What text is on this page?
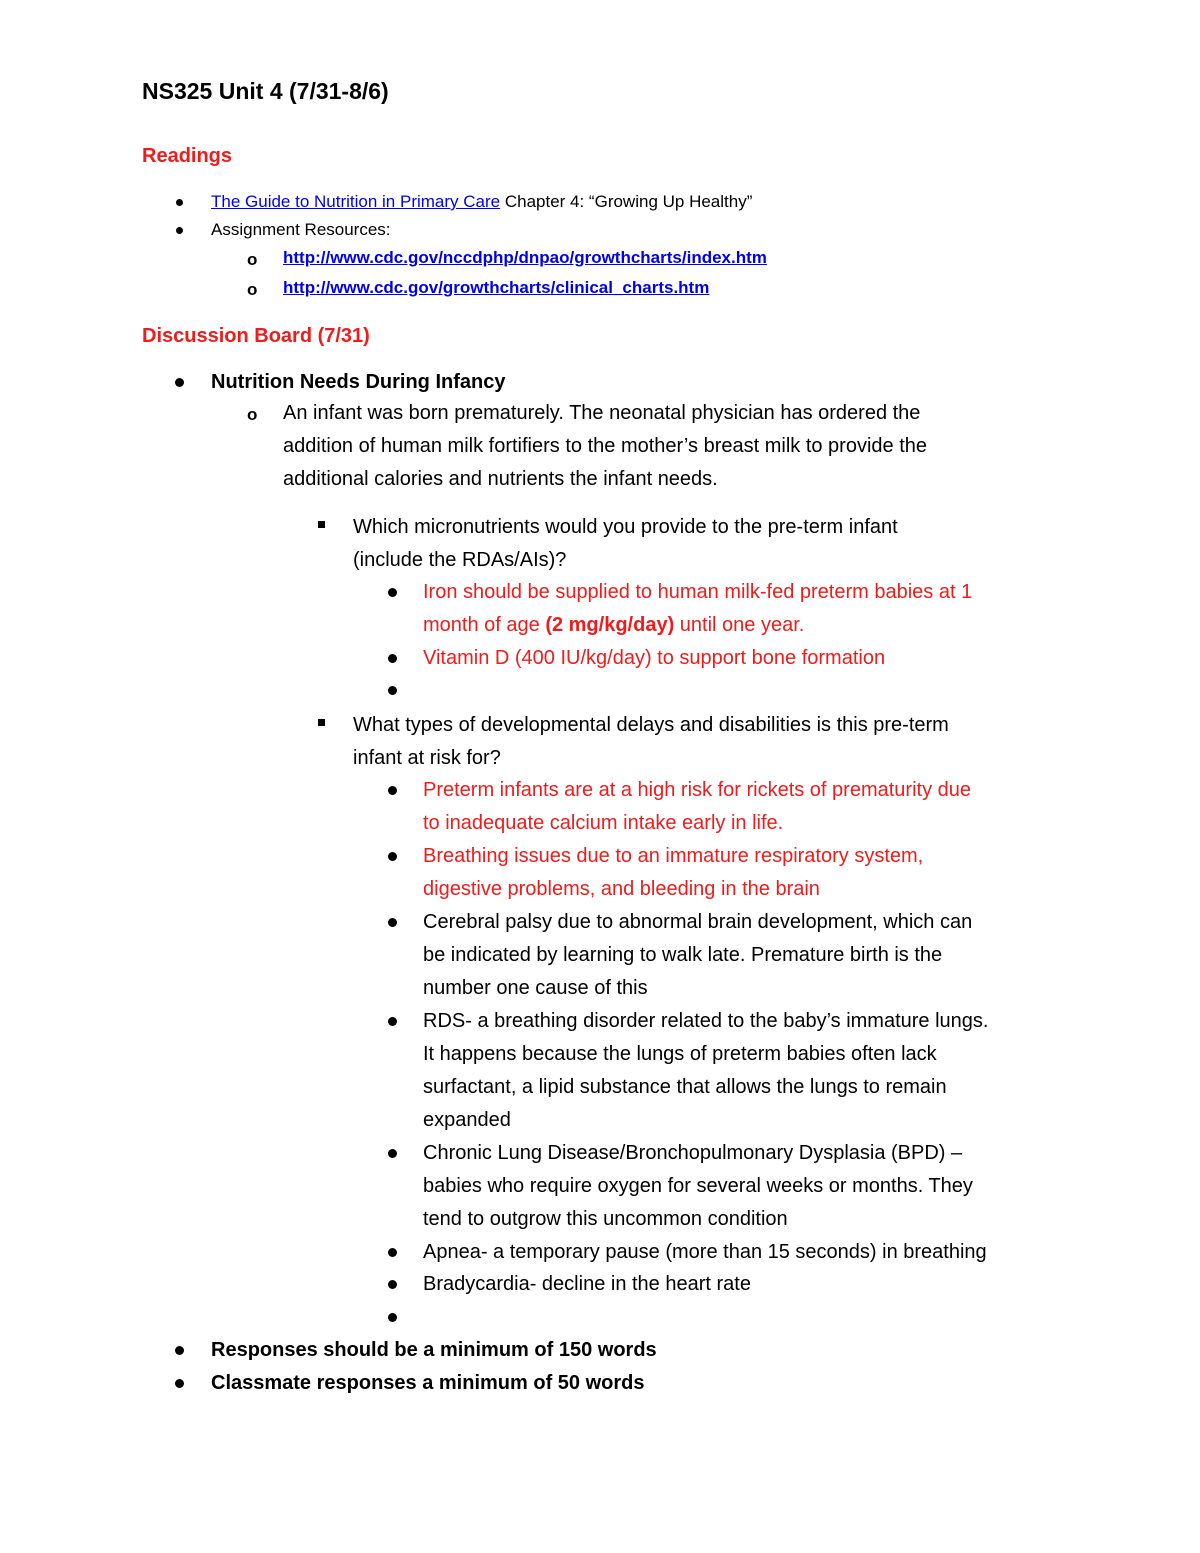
NS325 Unit 4 (7/31-8/6)
Readings
The Guide to Nutrition in Primary Care Chapter 4: “Growing Up Healthy”
Assignment Resources:
o http://www.cdc.gov/nccdphp/dnpao/growthcharts/index.htm
o http://www.cdc.gov/growthcharts/clinical_charts.htm
Discussion Board (7/31)
Nutrition Needs During Infancy
o An infant was born prematurely. The neonatal physician has ordered the
addition of human milk fortifiers to the mother’s breast milk to provide the
additional calories and nutrients the infant needs.
Which micronutrients would you provide to the pre-term infant
(include the RDAs/AIs)?
Iron should be supplied to human milk-fed preterm babies at 1
month of age (2 mg/kg/day) until one year.
Vitamin D (400 IU/kg/day) to support bone formation
What types of developmental delays and disabilities is this pre-term
infant at risk for?
Preterm infants are at a high risk for rickets of prematurity due
to inadequate calcium intake early in life.
Breathing issues due to an immature respiratory system,
digestive problems, and bleeding in the brain
Cerebral palsy due to abnormal brain development, which can
be indicated by learning to walk late. Premature birth is the
number one cause of this
RDS- a breathing disorder related to the baby’s immature lungs.
It happens because the lungs of preterm babies often lack
surfactant, a lipid substance that allows the lungs to remain
expanded
Chronic Lung Disease/Bronchopulmonary Dysplasia (BPD) –
babies who require oxygen for several weeks or months. They
tend to outgrow this uncommon condition
Apnea- a temporary pause (more than 15 seconds) in breathing
Bradycardia- decline in the heart rate
Responses should be a minimum of 150 words
Classmate responses a minimum of 50 words
